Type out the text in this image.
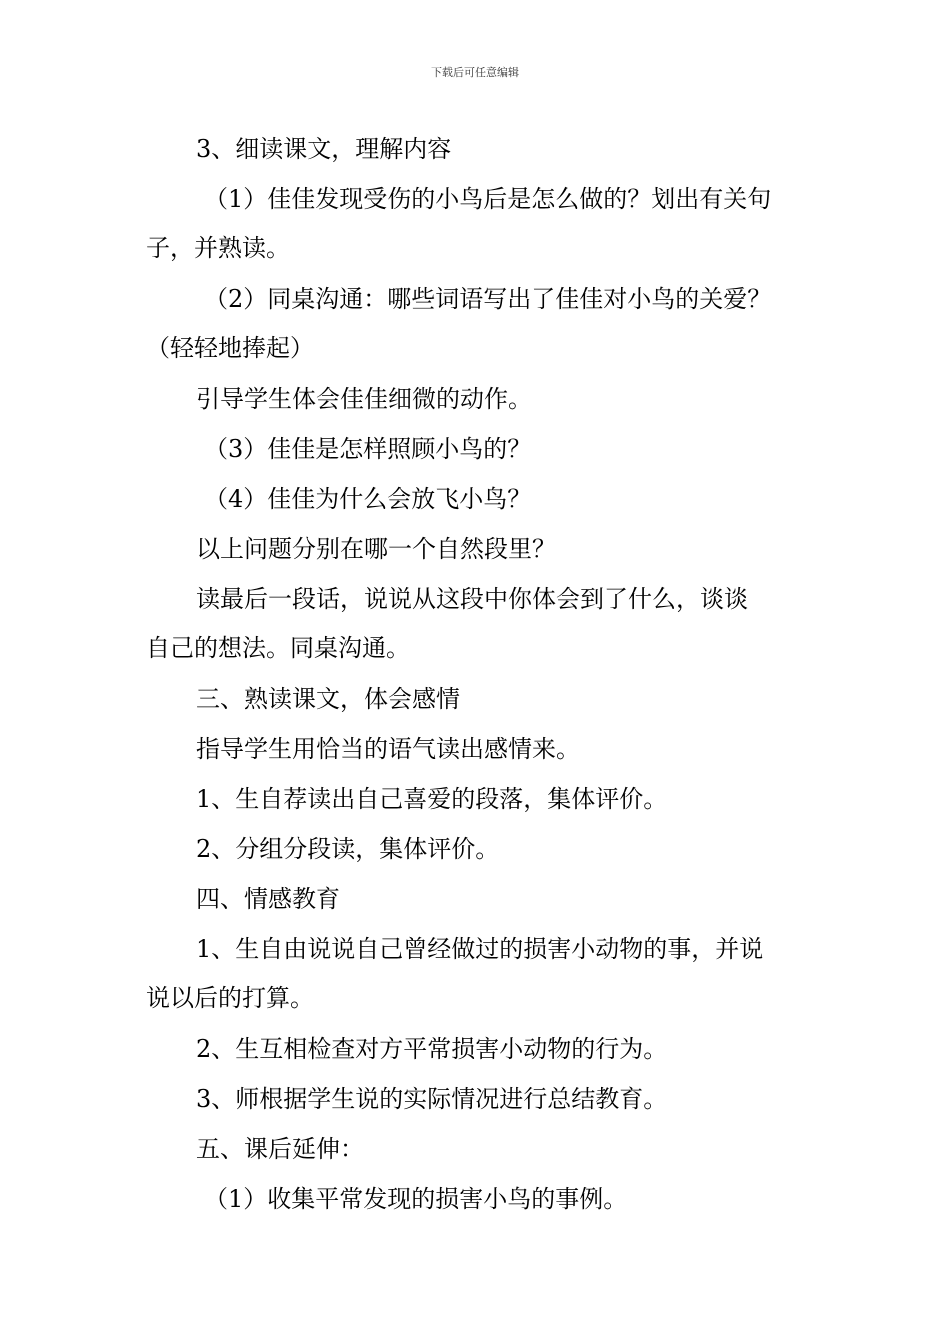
下载后可任意编辑
3、细读课文，理解内容
（1）佳佳发现受伤的小鸟后是怎么做的？划出有关句
子，并熟读。
（2）同桌沟通：哪些词语写出了佳佳对小鸟的关爱？
（轻轻地捧起）
引导学生体会佳佳细微的动作。
（3）佳佳是怎样照顾小鸟的？
（4）佳佳为什么会放飞小鸟？
以上问题分别在哪一个自然段里？
读最后一段话，说说从这段中你体会到了什么，谈谈
自己的想法。同桌沟通。
三、熟读课文，体会感情
指导学生用恰当的语气读出感情来。
1、生自荐读出自己喜爱的段落，集体评价。
2、分组分段读，集体评价。
四、情感教育
1、生自由说说自己曾经做过的损害小动物的事，并说
说以后的打算。
2、生互相检查对方平常损害小动物的行为。
3、师根据学生说的实际情况进行总结教育。
五、课后延伸：
（1）收集平常发现的损害小鸟的事例。
